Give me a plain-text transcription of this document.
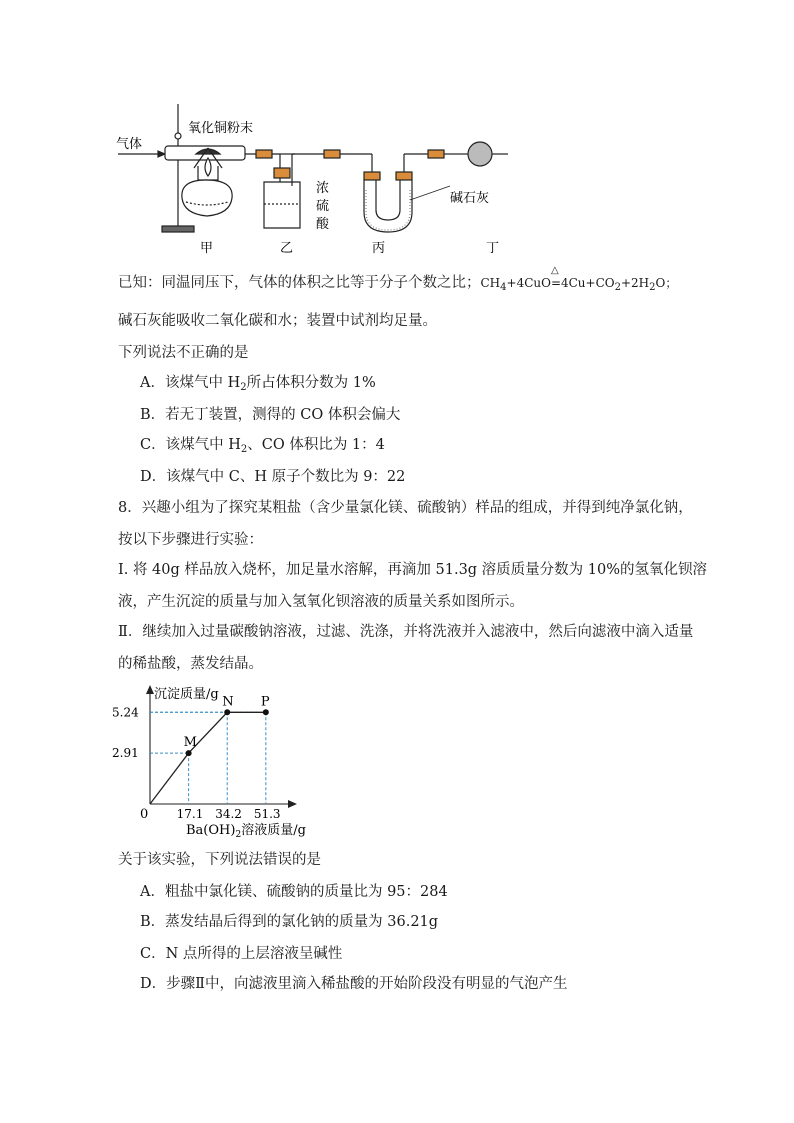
气体
氧化铜粉末
浓
硫
酸
碱石灰
甲	乙	丙	丁
已知：同温同压下，气体的体积之比等于分子个数之比；$CH_4+4CuO$
△
$=4Cu+CO_2+2H_2O$；
碱石灰能吸收二氧化碳和水；装置中试剂均足量。
下列说法不正确的是
A．该煤气中 $H_2$所占体积分数为 1%
B．若无丁装置，测得的 CO 体积会偏大
C．该煤气中 $H_2$、CO 体积比为 1：4
D．该煤气中 C、H 原子个数比为 9：22
8．兴趣小组为了探究某粗盐（含少量氯化镁、硫酸钠）样品的组成，并得到纯净氯化钠，
按以下步骤进行实验：
Ⅰ. 将 40g 样品放入烧杯，加足量水溶解，再滴加 51.3g 溶质质量分数为 10%的氢氧化钡溶
液，产生沉淀的质量与加入氢氧化钡溶液的质量关系如图所示。
Ⅱ．继续加入过量碳酸钠溶液，过滤、洗涤，并将洗液并入滤液中，然后向滤液中滴入适量
的稀盐酸，蒸发结晶。
M
N P
17.1 34.2 51.3
2.91
5.24
沉淀质量/g
0
$Ba(OH)_2$溶液质量/g
关于该实验，下列说法错误的是
A．粗盐中氯化镁、硫酸钠的质量比为 95：284
B．蒸发结晶后得到的氯化钠的质量为 36.21g
C．N 点所得的上层溶液呈碱性
D．步骤Ⅱ中，向滤液里滴入稀盐酸的开始阶段没有明显的气泡产生
